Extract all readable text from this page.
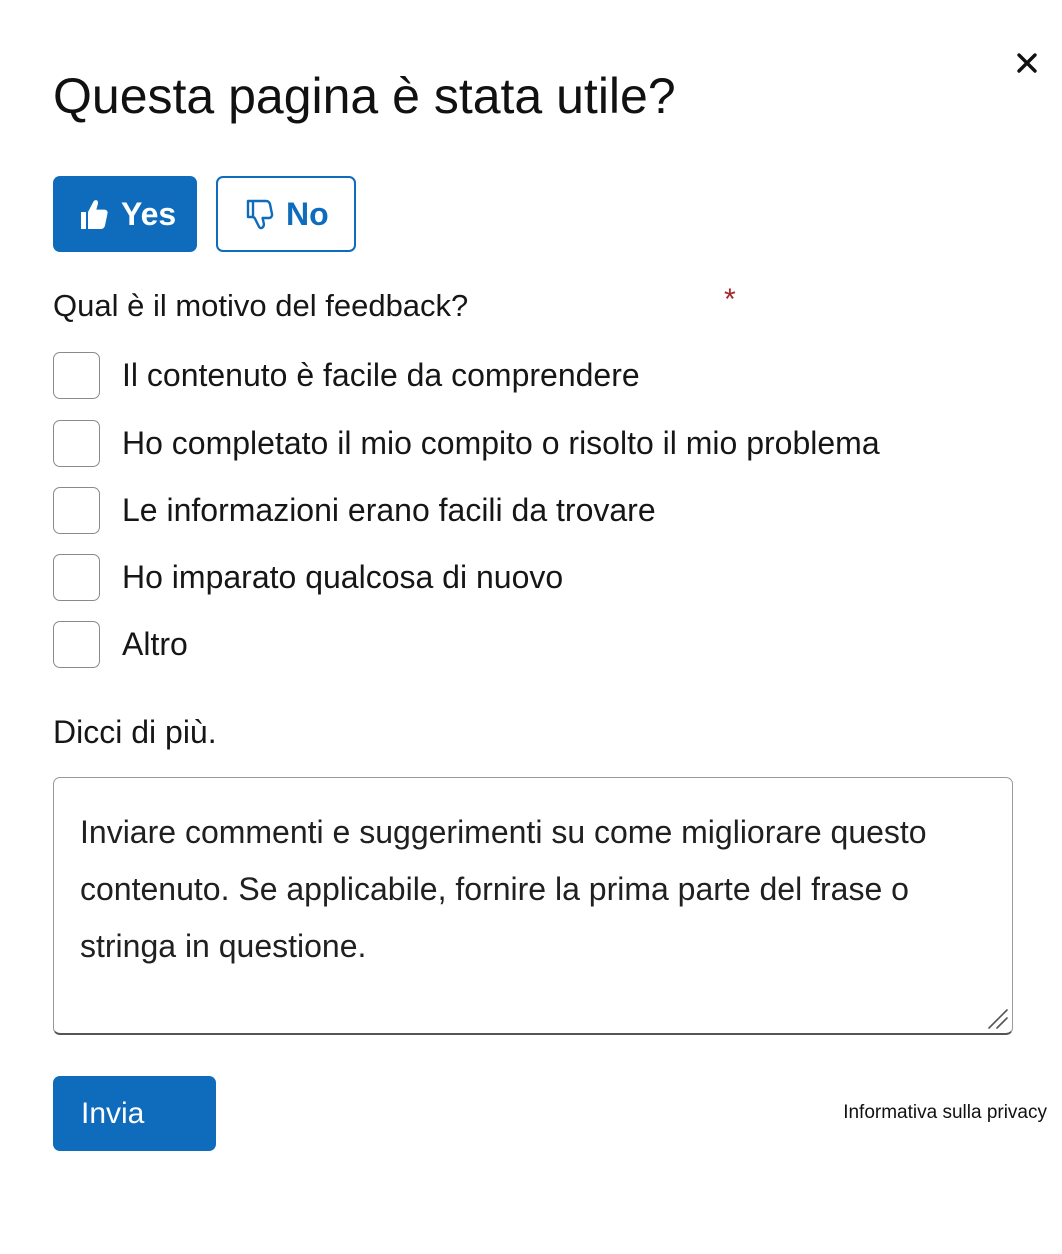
Questa pagina è stata utile?
Yes	No
Qual è il motivo del feedback?	*
Il contenuto è facile da comprendere
Ho completato il mio compito o risolto il mio problema
Le informazioni erano facili da trovare
Ho imparato qualcosa di nuovo
Altro
Dicci di più.
Inviare commenti e suggerimenti su come migliorare questo contenuto. Se applicabile, fornire la prima parte del frase o stringa in questione.
Invia	Informativa sulla privacy
